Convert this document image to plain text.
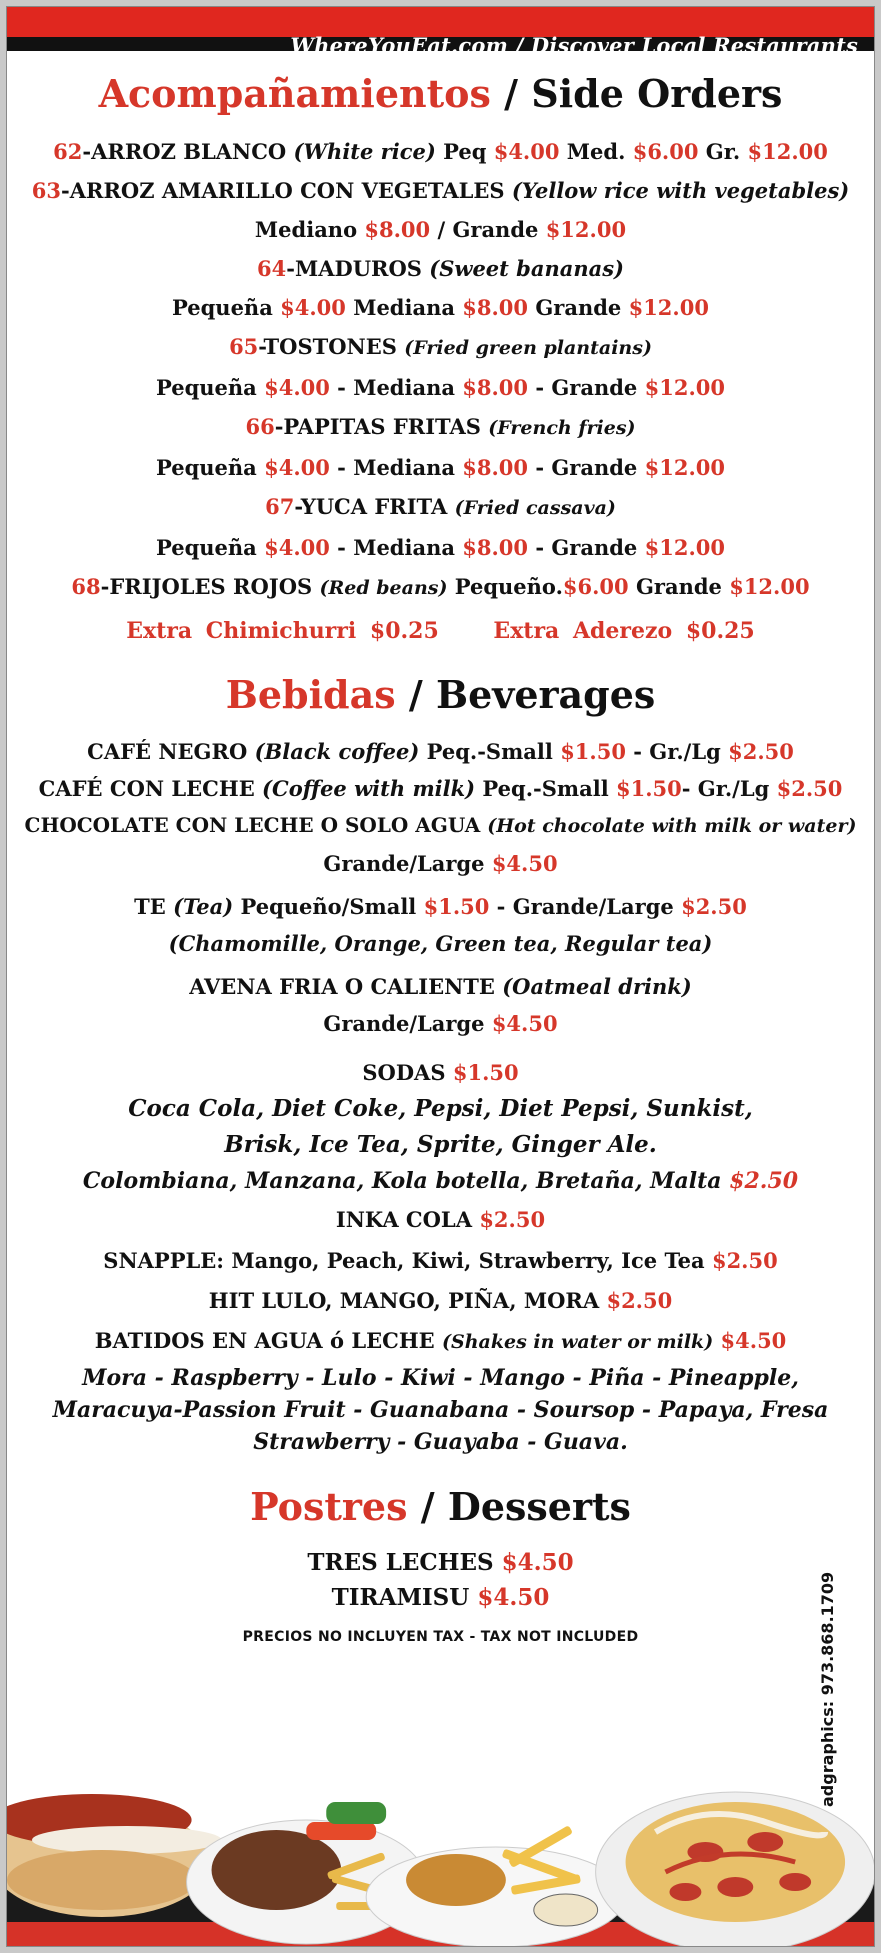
WhereYouEat.com / Discover Local Restaurants
Acompañamientos / Side Orders
62-ARROZ BLANCO (White rice) Peq $4.00 Med. $6.00 Gr. $12.00
63-ARROZ AMARILLO CON VEGETALES (Yellow rice with vegetables)
Mediano $8.00 / Grande $12.00
64-MADUROS (Sweet bananas)
Pequeña $4.00 Mediana $8.00 Grande $12.00
65-TOSTONES (Fried green plantains)
Pequeña $4.00 - Mediana $8.00 - Grande $12.00
66-PAPITAS FRITAS (French fries)
Pequeña $4.00 - Mediana $8.00 - Grande $12.00
67-YUCA FRITA (Fried cassava)
Pequeña $4.00 - Mediana $8.00 - Grande $12.00
68-FRIJOLES ROJOS (Red beans) Pequeño.$6.00 Grande $12.00
Extra Chimichurri $0.25 Extra Aderezo $0.25
Bebidas / Beverages
CAFÉ NEGRO (Black coffee) Peq.-Small $1.50 - Gr./Lg $2.50
CAFÉ CON LECHE (Coffee with milk) Peq.-Small $1.50- Gr./Lg $2.50
CHOCOLATE CON LECHE O SOLO AGUA (Hot chocolate with milk or water)
Grande/Large $4.50
TE (Tea) Pequeño/Small $1.50 - Grande/Large $2.50
(Chamomille, Orange, Green tea, Regular tea)
AVENA FRIA O CALIENTE (Oatmeal drink)
Grande/Large $4.50
SODAS $1.50
Coca Cola, Diet Coke, Pepsi, Diet Pepsi, Sunkist,
Brisk, Ice Tea, Sprite, Ginger Ale.
Colombiana, Manzana, Kola botella, Bretaña, Malta $2.50
INKA COLA $2.50
SNAPPLE: Mango, Peach, Kiwi, Strawberry, Ice Tea $2.50
HIT LULO, MANGO, PIÑA, MORA $2.50
BATIDOS EN AGUA ó LECHE (Shakes in water or milk) $4.50
Mora - Raspberry - Lulo - Kiwi - Mango - Piña - Pineapple,
Maracuya-Passion Fruit - Guanabana - Soursop - Papaya, Fresa
Strawberry - Guayaba - Guava.
Postres / Desserts
TRES LECHES $4.50
TIRAMISU $4.50
PRECIOS NO INCLUYEN TAX - TAX NOT INCLUDED	adgraphics: 973.868.1709
